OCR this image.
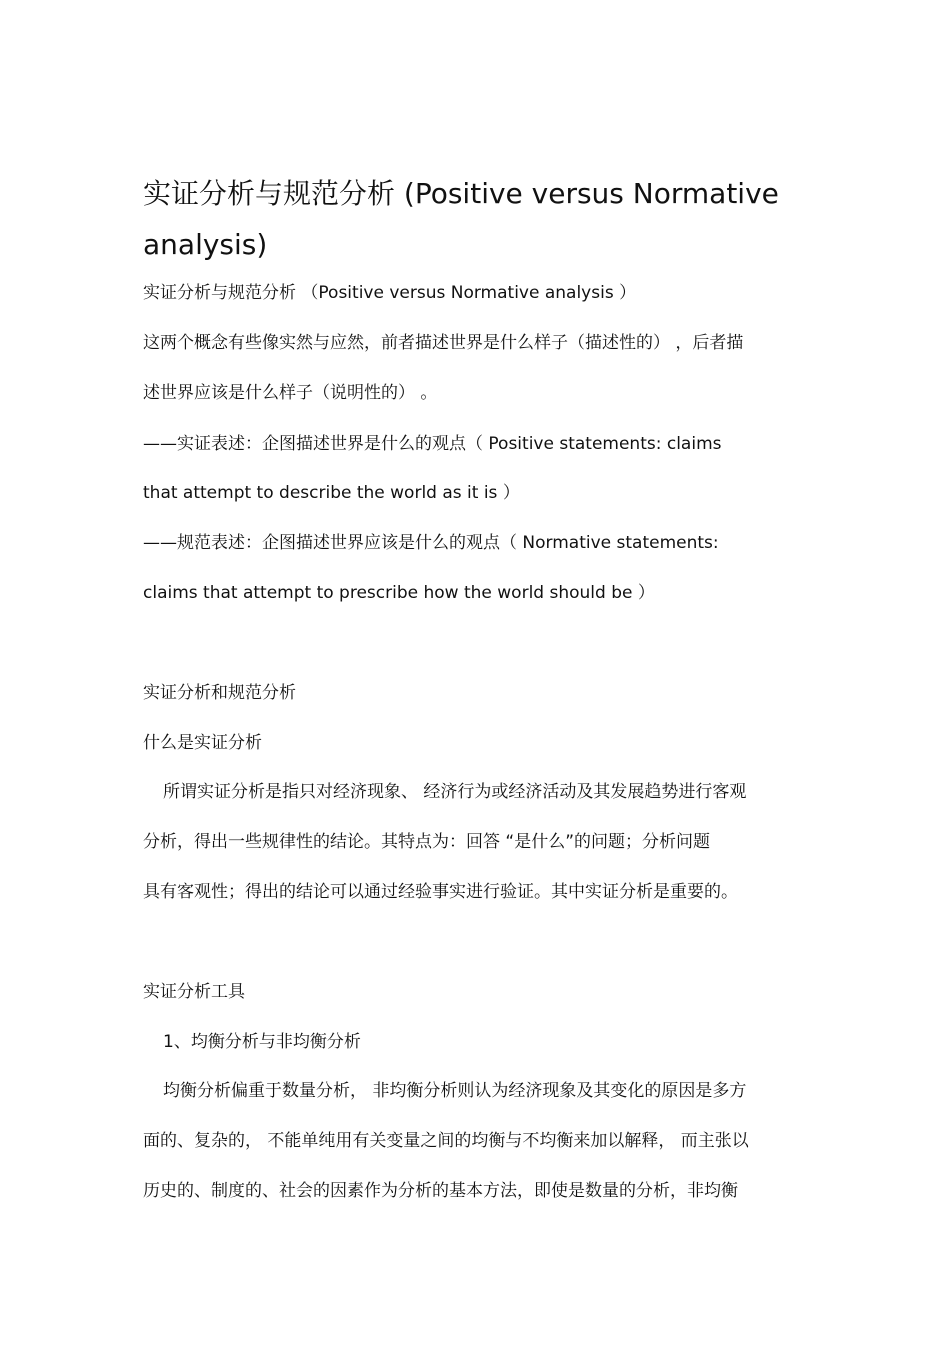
实证分析与规范分析 (Positive versus Normative
analysis)

实证分析与规范分析 （Positive versus Normative analysis ）

这两个概念有些像实然与应然，前者描述世界是什么样子（描述性的） ，后者描

述世界应该是什么样子（说明性的） 。

——实证表述：企图描述世界是什么的观点（ Positive statements: claims

that attempt to describe the world as it is ）

——规范表述：企图描述世界应该是什么的观点（ Normative statements:

claims that attempt to prescribe how the world should be ）

实证分析和规范分析

什么是实证分析

所谓实证分析是指只对经济现象、 经济行为或经济活动及其发展趋势进行客观

分析，得出一些规律性的结论。其特点为：回答 “是什么”的问题；分析问题

具有客观性；得出的结论可以通过经验事实进行验证。其中实证分析是重要的。

实证分析工具

1、均衡分析与非均衡分析

均衡分析偏重于数量分析， 非均衡分析则认为经济现象及其变化的原因是多方

面的、复杂的， 不能单纯用有关变量之间的均衡与不均衡来加以解释， 而主张以

历史的、制度的、社会的因素作为分析的基本方法，即使是数量的分析，非均衡
